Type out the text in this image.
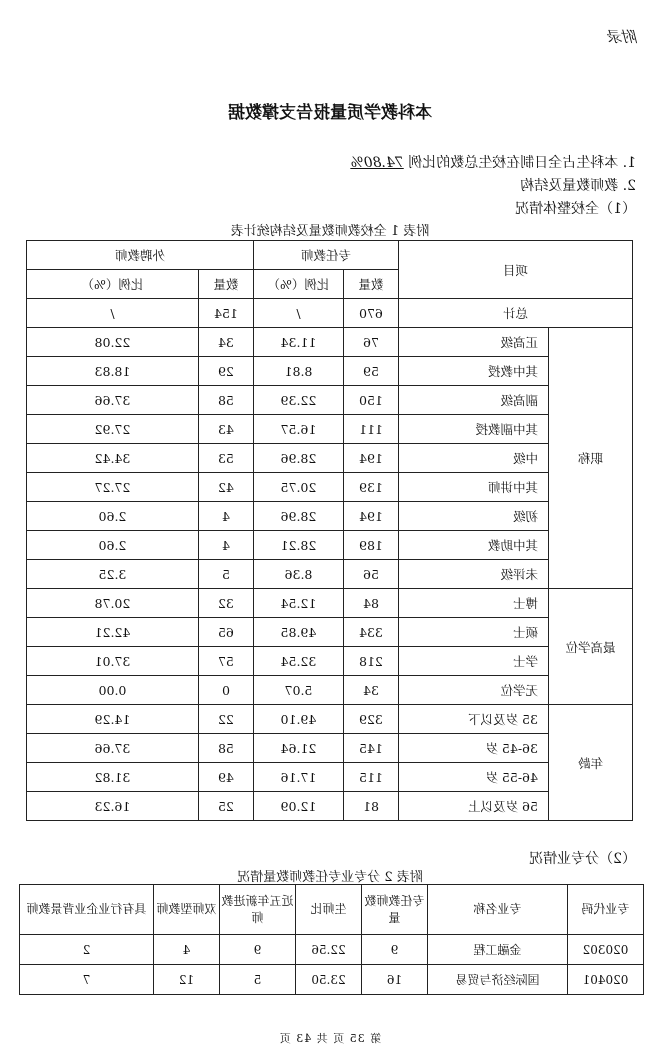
附录
本科教学质量报告支撑数据
1. 本科生占全日制在校生总数的比例 74.80%
2. 教师数量及结构
（1）全校整体情况
附表 1 全校教师数量及结构统计表
项目		专任教师		外聘教师	
		数量	比例（%）	数量	比例（%）
总计		670	/	154	/
职称	正高级	76	11.34	34	22.08
	其中教授	59	8.81	29	18.83
	副高级	150	22.39	58	37.66
	其中副教授	111	16.57	43	27.92
	中级	194	28.96	53	34.42
	其中讲师	139	20.75	42	27.27
	初级	194	28.96	4	2.60
	其中助教	189	28.21	4	2.60
	未评级	56	8.36	5	3.25
最高学位	博士	84	12.54	32	20.78
	硕士	334	49.85	65	42.21
	学士	218	32.54	57	37.01
	无学位	34	5.07	0	0.00
年龄	35 岁及以下	329	49.10	22	14.29
	36-45 岁	145	21.64	58	37.66
	46-55 岁	115	17.16	49	31.82
	56 岁及以上	81	12.09	25	16.23
（2）分专业情况
附表 2 分专业专任教师数量情况
专业代码	专业名称	专任教师数量	生师比	近五年新进教师	双师型教师	具有行业企业背景教师
020302	金融工程	9	22.56	9	4	2
020401	国际经济与贸易	16	23.50	5	12	7
第 35 页 共 43 页
